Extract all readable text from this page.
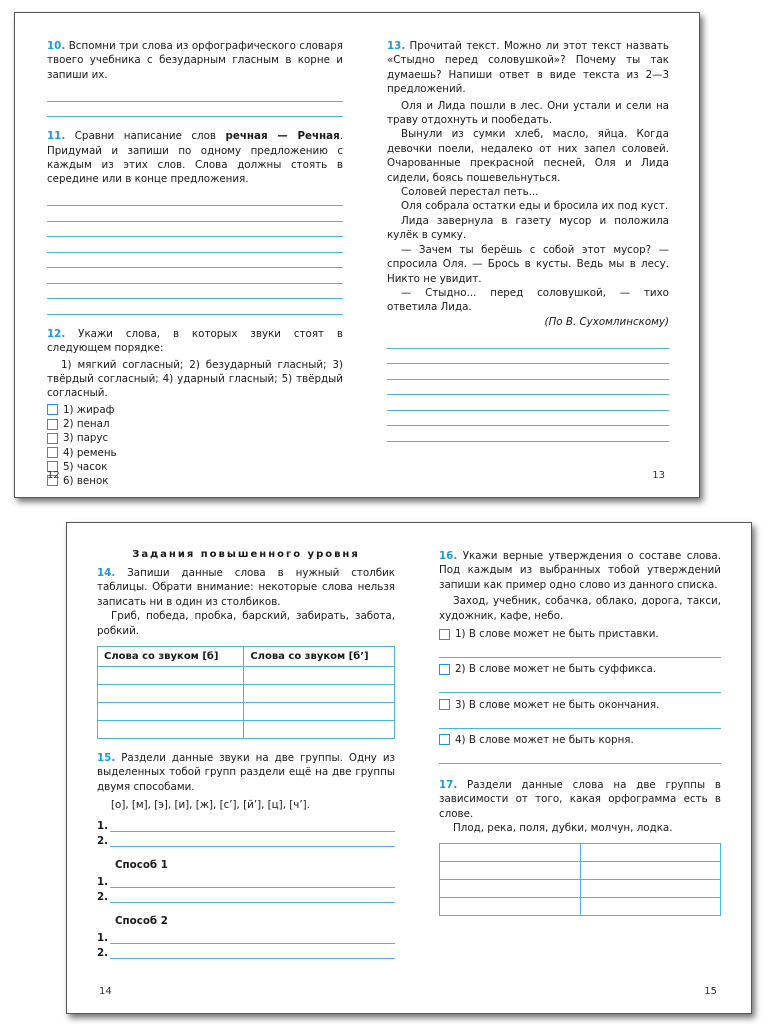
10. Вспомни три слова из орфографического словаря твоего учебника с безударным гласным в корне и запиши их.
11. Сравни написание слов речная — Речная. Придумай и запиши по одному предложению с каждым из этих слов. Слова должны стоять в середине или в конце предложения.
12. Укажи слова, в которых звуки стоят в следующем порядке:
1) мягкий согласный; 2) безударный гласный; 3) твёрдый согласный; 4) ударный гласный; 5) твёрдый согласный.
1) жираф
2) пенал
3) парус
4) ремень
5) часок
6) венок
12
13. Прочитай текст. Можно ли этот текст назвать «Стыдно перед соловушкой»? Почему ты так думаешь? Напиши ответ в виде текста из 2—3 предложений.
Оля и Лида пошли в лес. Они устали и сели на траву отдохнуть и пообедать.
Вынули из сумки хлеб, масло, яйца. Когда девочки поели, недалеко от них запел соловей. Очарованные прекрасной песней, Оля и Лида сидели, боясь пошевельнуться.
Соловей перестал петь...
Оля собрала остатки еды и бросила их под куст.
Лида завернула в газету мусор и положила кулёк в сумку.
— Зачем ты берёшь с собой этот мусор? — спросила Оля. — Брось в кусты. Ведь мы в лесу. Никто не увидит.
— Стыдно... перед соловушкой, — тихо ответила Лида.
(По В. Сухомлинскому)
13
Задания повышенного уровня
14. Запиши данные слова в нужный столбик таблицы. Обрати внимание: некоторые слова нельзя записать ни в один из столбиков.
Гриб, победа, пробка, барский, забирать, забота, робкий.
Слова со звуком [б]	Слова со звуком [бʼ]

15. Раздели данные звуки на две группы. Одну из выделенных тобой групп раздели ещё на две группы двумя способами.
[о], [м], [э], [и], [ж], [сʼ], [йʼ], [ц], [чʼ].
1.
2.
Способ 1
1.
2.
Способ 2
1.
2.
14
16. Укажи верные утверждения о составе слова. Под каждым из выбранных тобой утверждений запиши как пример одно слово из данного списка.
Заход, учебник, собачка, облако, дорога, такси, художник, кафе, небо.
1) В слове может не быть приставки.
2) В слове может не быть суффикса.
3) В слове может не быть окончания.
4) В слове может не быть корня.
17. Раздели данные слова на две группы в зависимости от того, какая орфограмма есть в слове.
Плод, река, поля, дубки, молчун, лодка.

15
